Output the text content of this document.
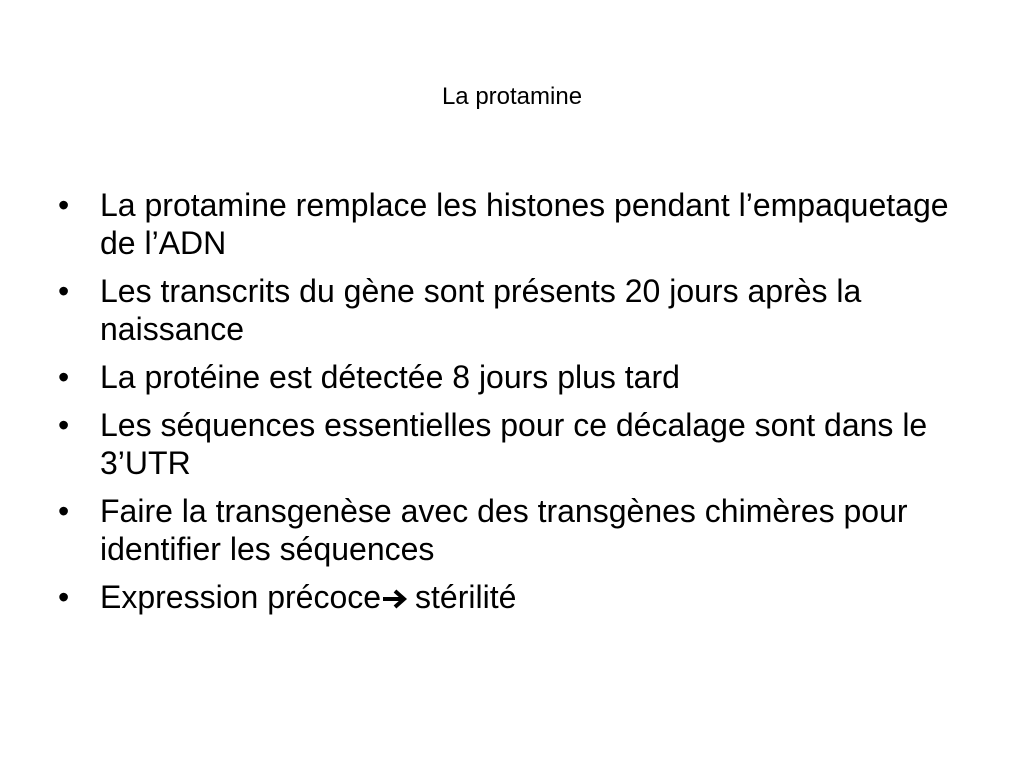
La protamine
• La protamine remplace les histones pendant l’empaquetage de l’ADN
• Les transcrits du gène sont présents 20 jours après la naissance
• La protéine est détectée 8 jours plus tard
• Les séquences essentielles pour ce décalage sont dans le 3’UTR
• Faire la transgenèse avec des transgènes chimères pour identifier les séquences
• Expression précoce stérilité
